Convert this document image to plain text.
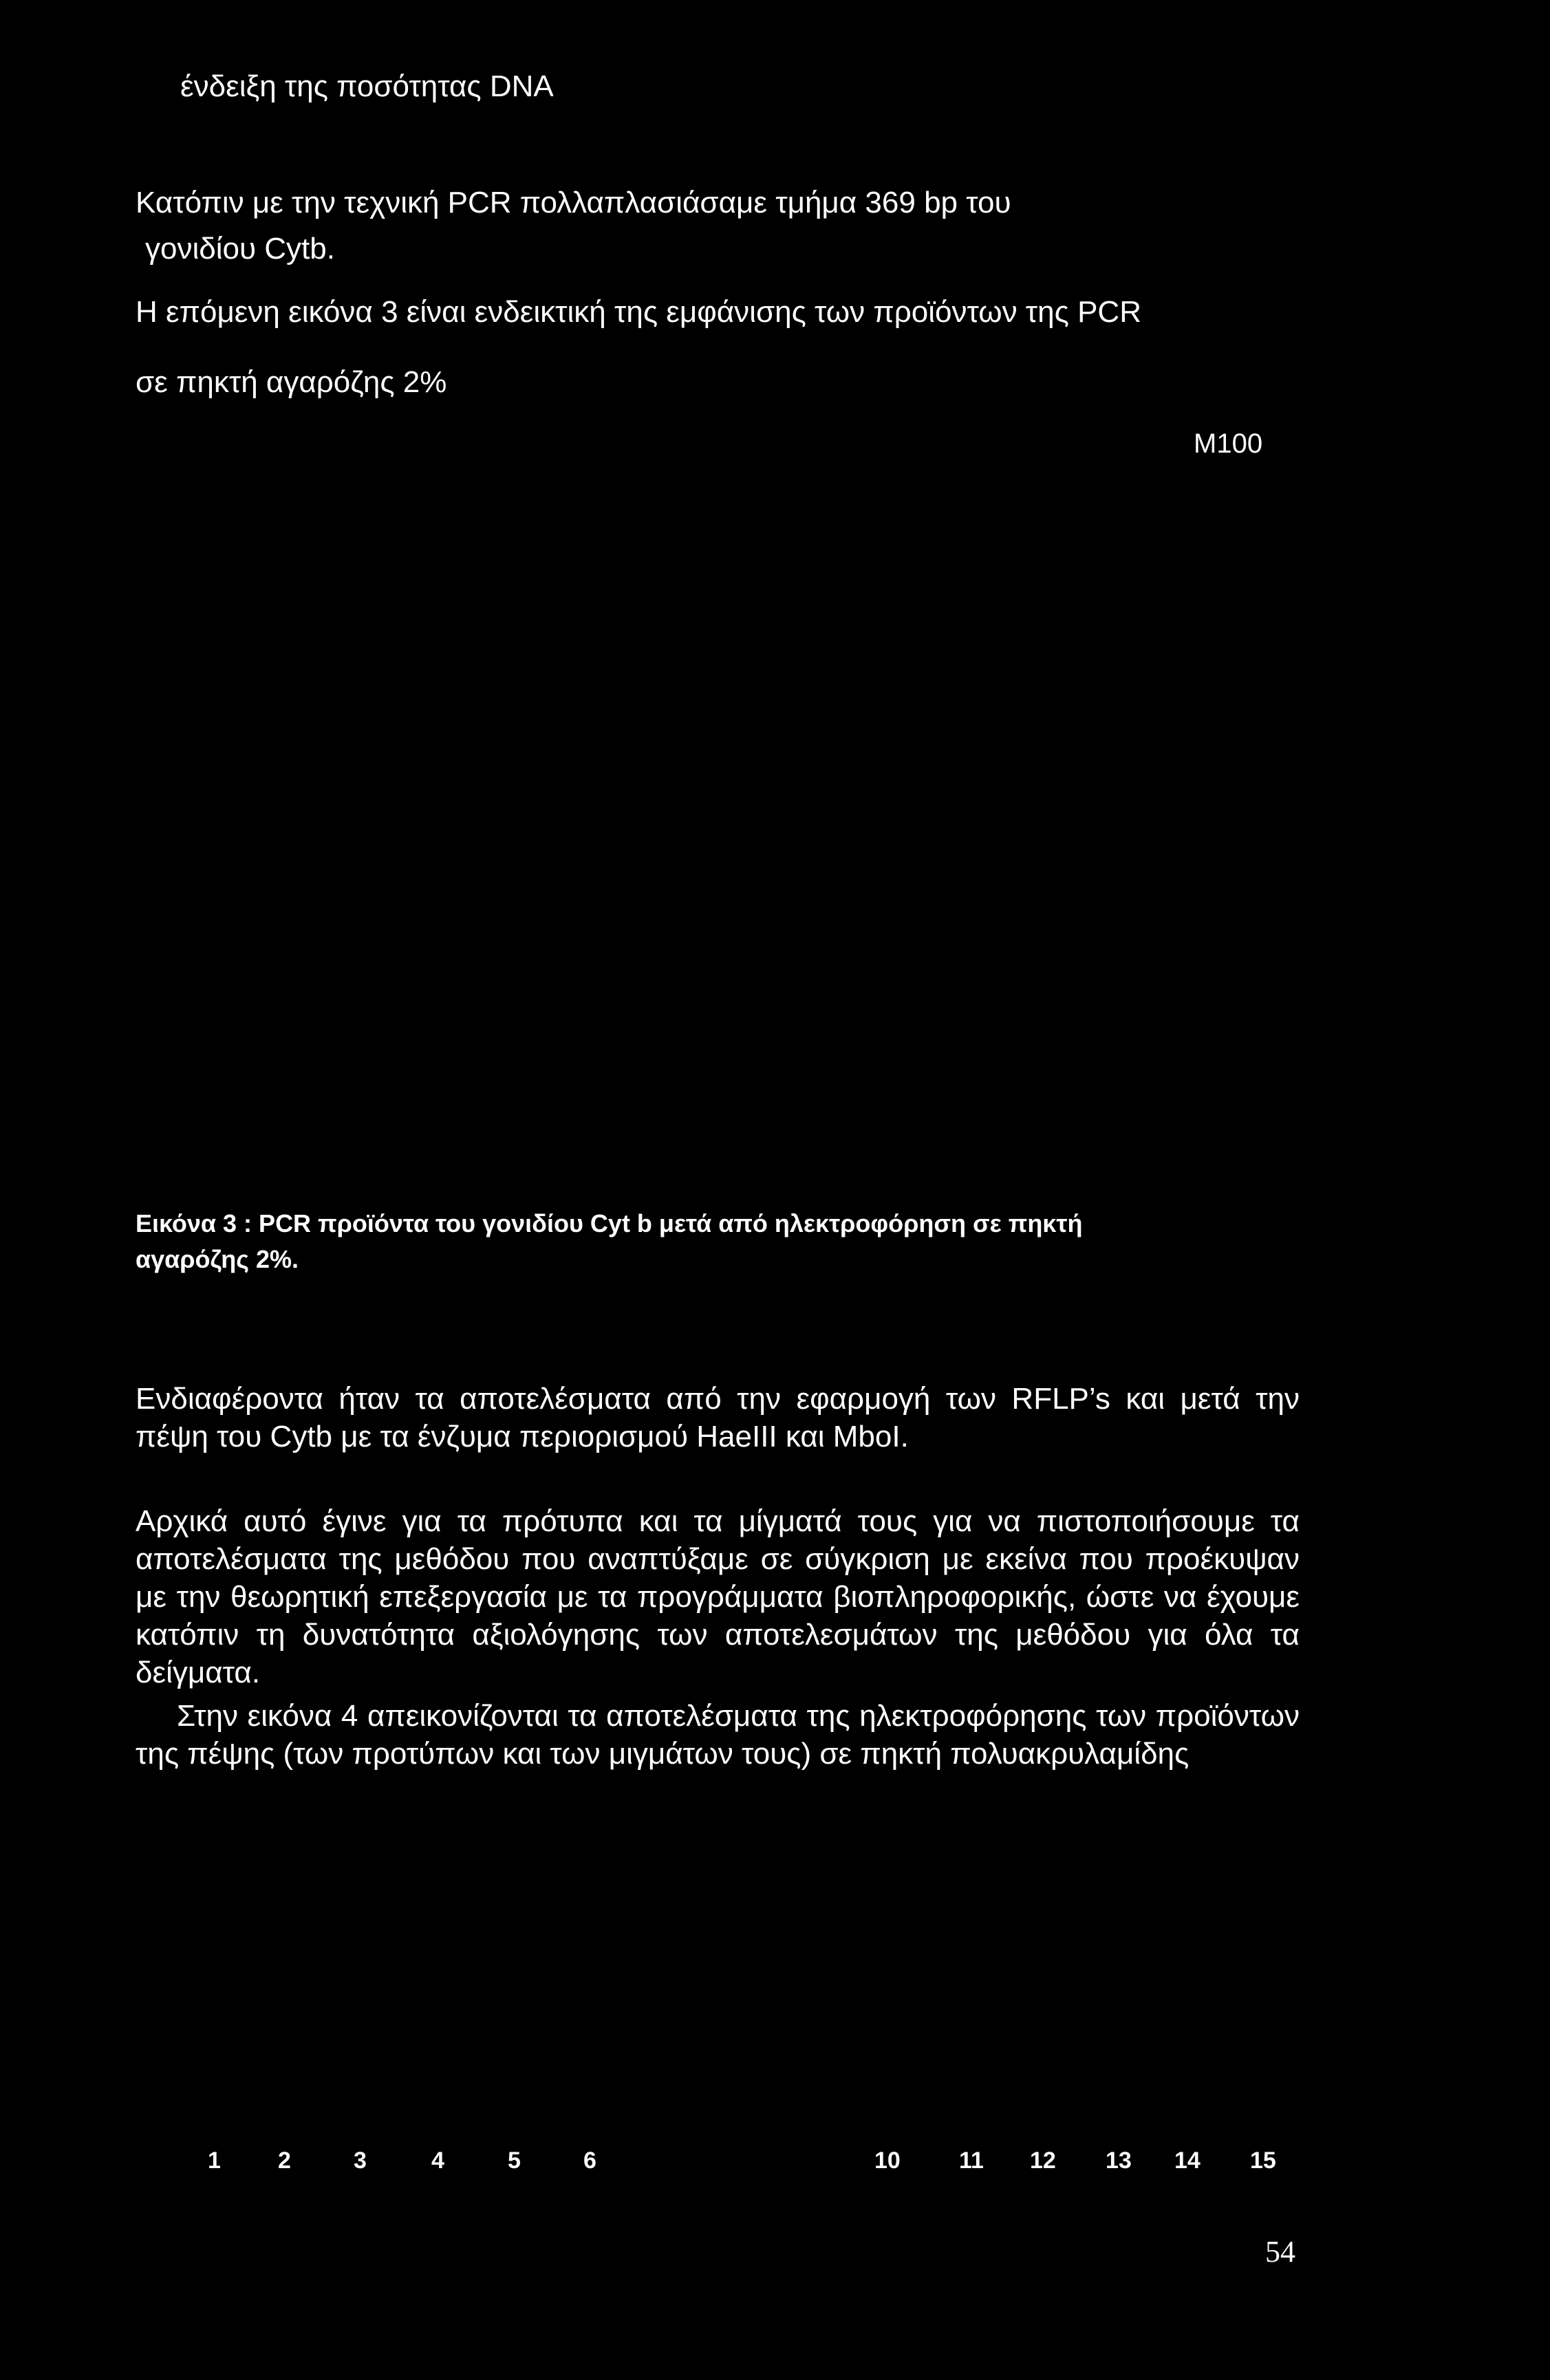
ένδειξη της ποσότητας DNA
Κατόπιν με την τεχνική PCR πολλαπλασιάσαμε τμήμα 369 bp του
γονιδίου Cytb.
Η επόμενη εικόνα 3 είναι ενδεικτική της εμφάνισης των προϊόντων της PCR
σε πηκτή αγαρόζης 2%
M100
Εικόνα 3 : PCR προϊόντα του γονιδίου Cyt b μετά από ηλεκτροφόρηση σε πηκτή
αγαρόζης 2%.
Ενδιαφέροντα ήταν τα αποτελέσματα από την εφαρμογή των RFLP’s και μετά την πέψη του Cytb με τα ένζυμα περιορισμού HaeIII και MboI.
Αρχικά αυτό έγινε για τα πρότυπα και τα μίγματά τους για να πιστοποιήσουμε τα αποτελέσματα της μεθόδου που αναπτύξαμε σε σύγκριση με εκείνα που προέκυψαν με την θεωρητική επεξεργασία με τα προγράμματα βιοπληροφορικής, ώστε να έχουμε κατόπιν τη δυνατότητα αξιολόγησης των αποτελεσμάτων της μεθόδου για όλα τα δείγματα.
Στην εικόνα 4 απεικονίζονται τα αποτελέσματα της ηλεκτροφόρησης των προϊόντων της πέψης (των προτύπων και των μιγμάτων τους) σε πηκτή πολυακρυλαμίδης
1 2	3	4	5	6	10	11 12 13 14 15
54
